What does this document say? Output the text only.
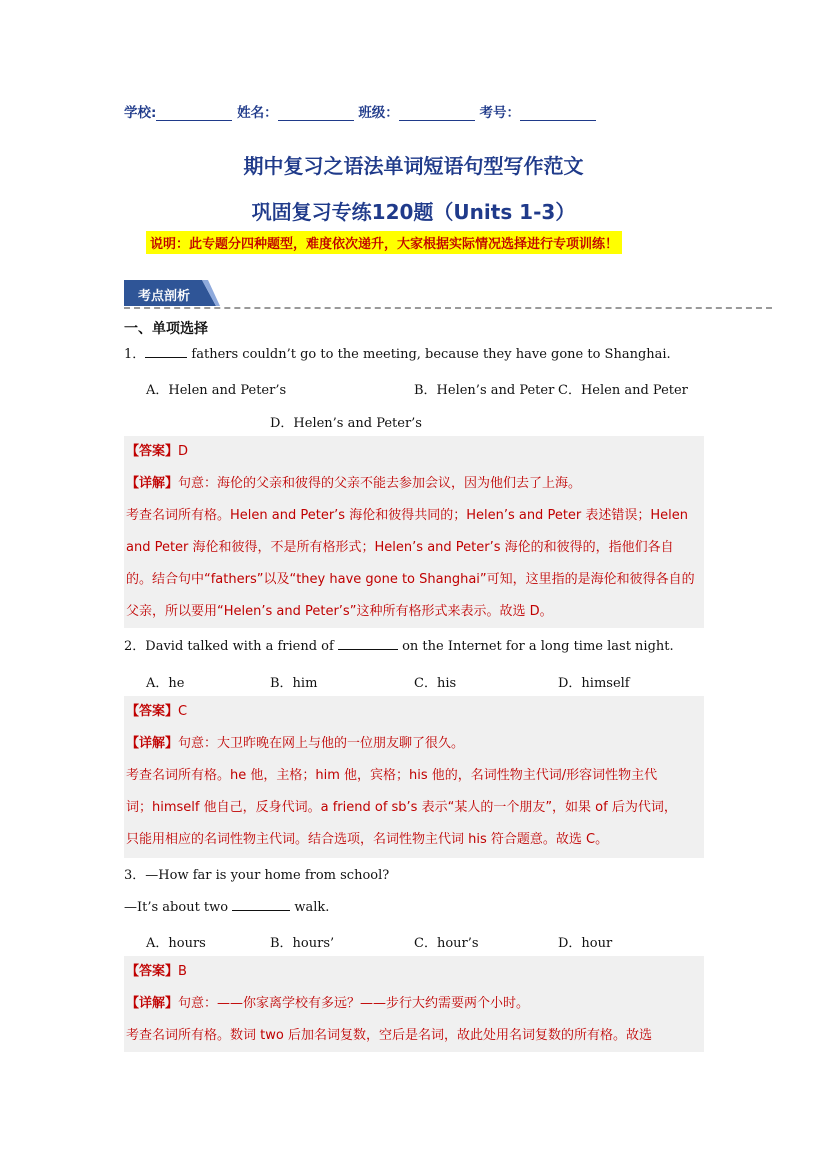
学校:	姓名：	班级：	考号：
期中复习之语法单词短语句型写作范文
巩固复习专练120题（Units 1-3）
说明：此专题分四种题型，难度依次递升，大家根据实际情况选择进行专项训练！
考点剖析
一、单项选择
1．	fathers couldn’t go to the meeting, because they have gone to Shanghai.
A．Helen and Peter’s	B．Helen’s and Peter C．Helen and Peter
D．Helen’s and Peter’s
【答案】D
【详解】句意：海伦的父亲和彼得的父亲不能去参加会议，因为他们去了上海。
考查名词所有格。Helen and Peter’s 海伦和彼得共同的；Helen’s and Peter 表述错误；Helen
and Peter 海伦和彼得，不是所有格形式；Helen’s and Peter’s 海伦的和彼得的，指他们各自
的。结合句中“fathers”以及“they have gone to Shanghai”可知，这里指的是海伦和彼得各自的
父亲，所以要用“Helen’s and Peter’s”这种所有格形式来表示。故选 D。
2．David talked with a friend of	on the Internet for a long time last night.
A．he	B．him	C．his	D．himself
【答案】C
【详解】句意：大卫昨晚在网上与他的一位朋友聊了很久。
考查名词所有格。he 他，主格；him 他，宾格；his 他的，名词性物主代词/形容词性物主代
词；himself 他自己，反身代词。a friend of sb’s 表示“某人的一个朋友”，如果 of 后为代词，
只能用相应的名词性物主代词。结合选项，名词性物主代词 his 符合题意。故选 C。
3．—How far is your home from school?
—It’s about two	walk.
A．hours	B．hours’	C．hour’s	D．hour
【答案】B
【详解】句意：——你家离学校有多远？——步行大约需要两个小时。
考查名词所有格。数词 two 后加名词复数，空后是名词，故此处用名词复数的所有格。故选
